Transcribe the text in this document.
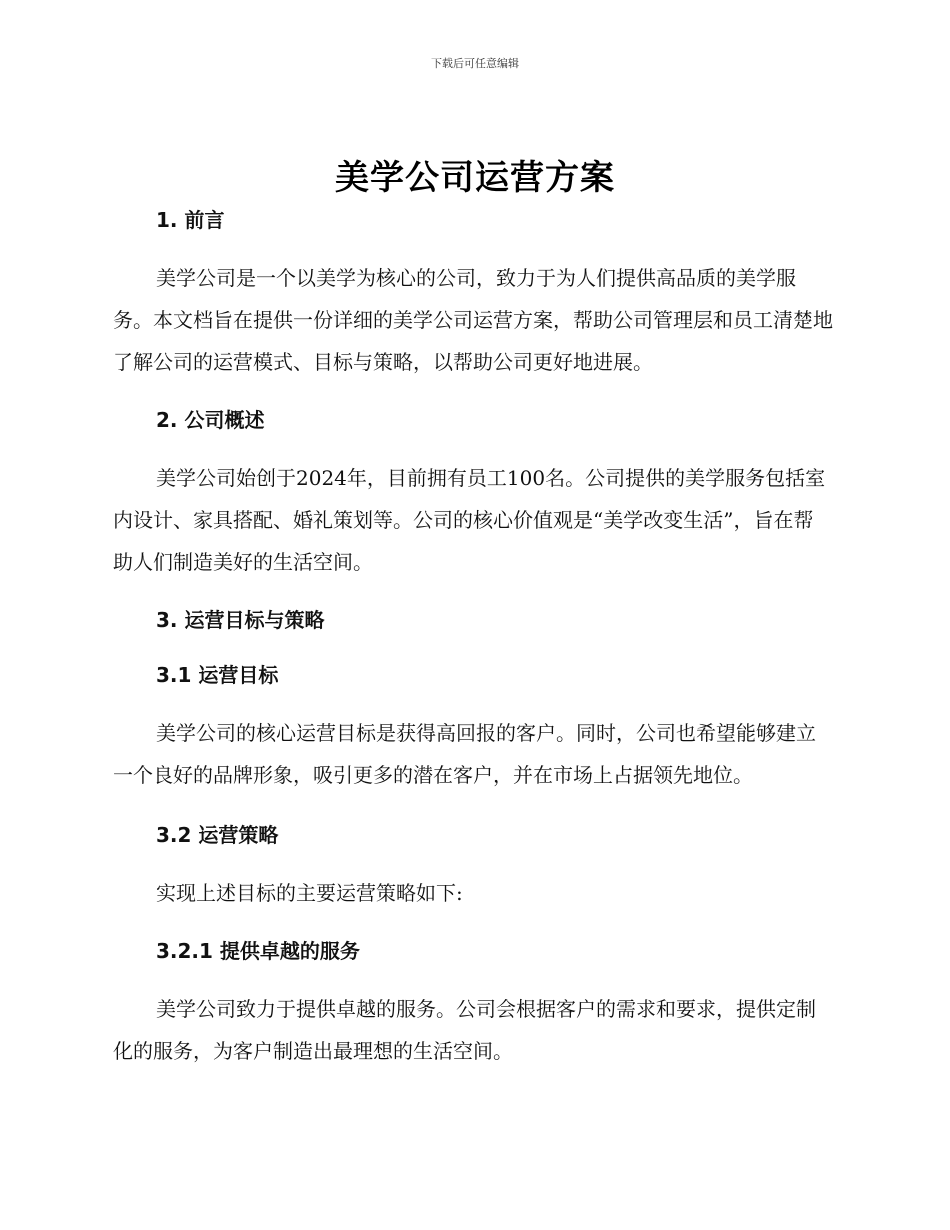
下载后可任意编辑
美学公司运营方案
1. 前言
美学公司是一个以美学为核心的公司，致力于为人们提供高品质的美学服务。本文档旨在提供一份详细的美学公司运营方案，帮助公司管理层和员工清楚地了解公司的运营模式、目标与策略，以帮助公司更好地进展。
2. 公司概述
美学公司始创于2024年，目前拥有员工100名。公司提供的美学服务包括室内设计、家具搭配、婚礼策划等。公司的核心价值观是“美学改变生活”，旨在帮助人们制造美好的生活空间。
3. 运营目标与策略
3.1 运营目标
美学公司的核心运营目标是获得高回报的客户。同时，公司也希望能够建立一个良好的品牌形象，吸引更多的潜在客户，并在市场上占据领先地位。
3.2 运营策略
实现上述目标的主要运营策略如下:
3.2.1 提供卓越的服务
美学公司致力于提供卓越的服务。公司会根据客户的需求和要求，提供定制化的服务，为客户制造出最理想的生活空间。
